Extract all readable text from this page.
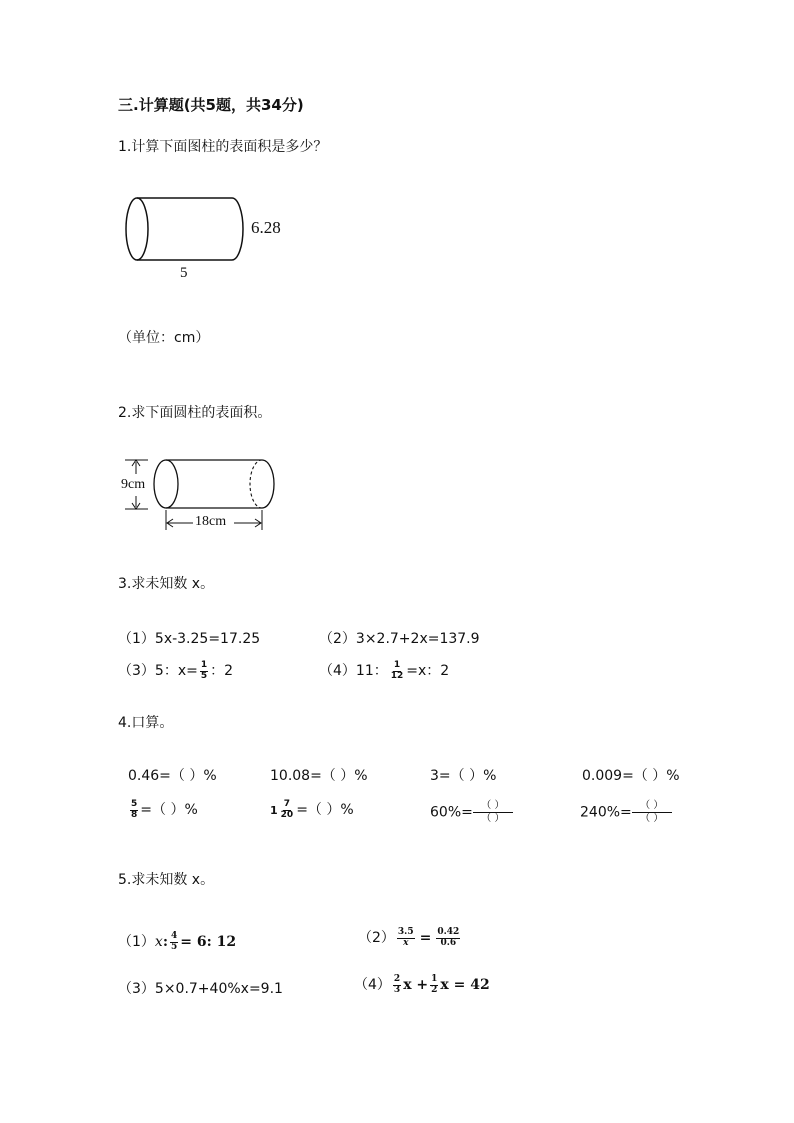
三.计算题(共5题，共34分)
1.计算下面图柱的表面积是多少？
6.28
5
（单位：cm）
2.求下面圆柱的表面积。
9cm
18cm
3.求未知数 x。
（1）5x-3.25=17.25	（2）3×2.7+2x=137.9
（3）5：$x= \frac{1}{5}$ ：2	（4）11： $\frac{1}{12} =x$：2
4.口算。
0.46=（ ）%	10.08=（ ）%	3=（ ）%	0.009=（ ）%
$\frac{5}{8}$ =（ ）%	$1 \frac{7}{20}$ =（ ）%	$60\%= \frac{( )}{( )}$	$240\%= \frac{( )}{( )}$
5.求未知数 x。
（1）x: $\frac{4}{5} = 6$: 12	$(2) \frac{3.5}{x} = \frac{0.42}{0.6}$
（3）5×0.7+40%x=9.1	$(4) \frac{2}{3}$ $x + \frac{1}{2}$ x = 42
